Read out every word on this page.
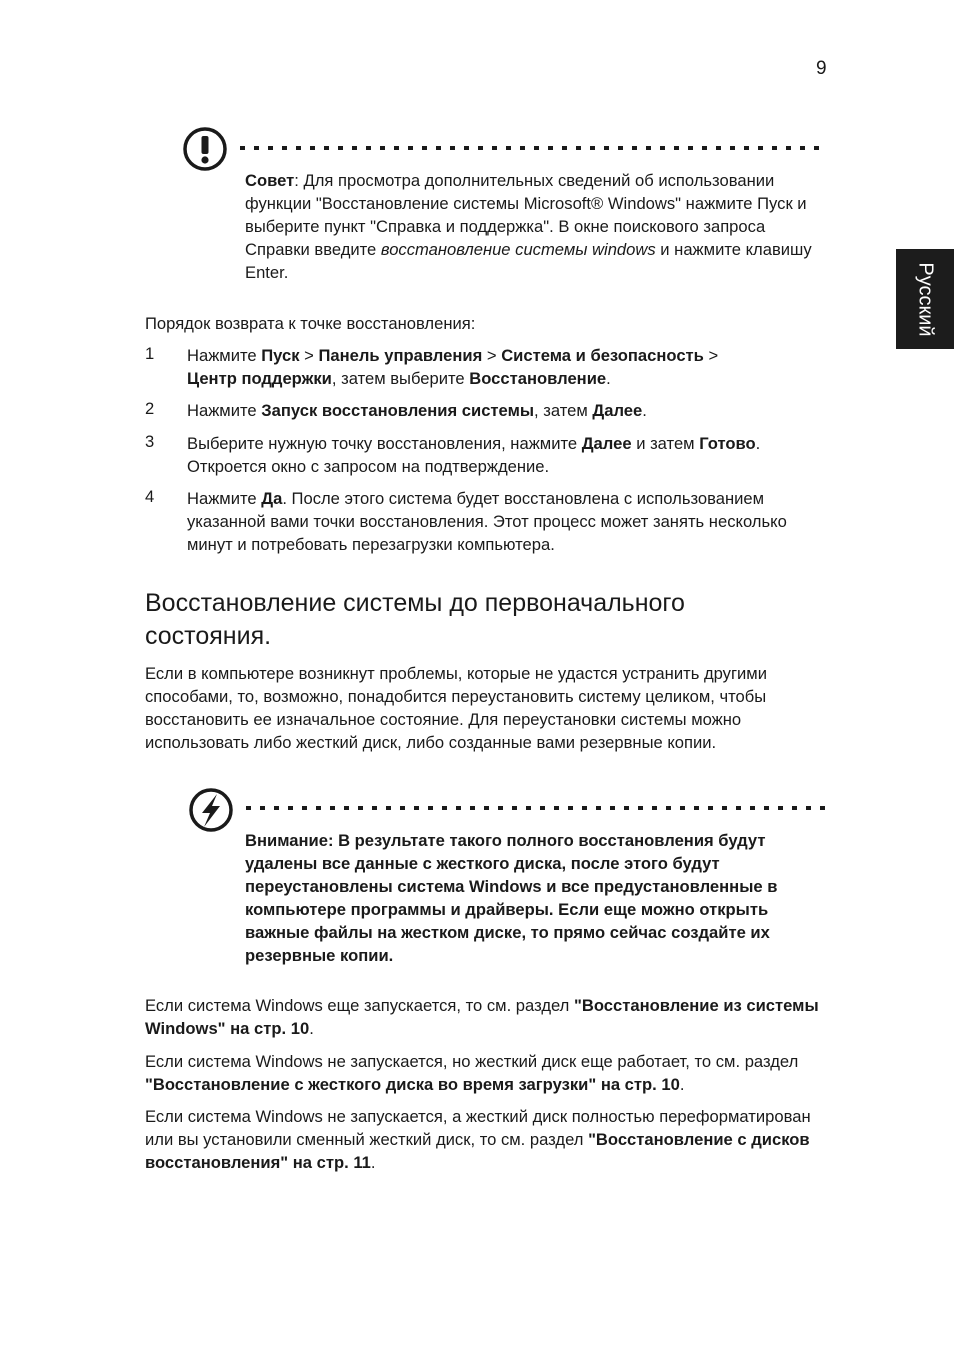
9
Русский
Совет: Для просмотра дополнительных сведений об использовании функции "Восстановление системы Microsoft® Windows" нажмите Пуск и выберите пункт "Справка и поддержка". В окне поискового запроса Справки введите восстановление системы windows и нажмите клавишу Enter.

Порядок возврата к точке восстановления:

1 Нажмите Пуск > Панель управления > Система и безопасность >
Центр поддержки, затем выберите Восстановление.

2 Нажмите Запуск восстановления системы, затем Далее.

3 Выберите нужную точку восстановления, нажмите Далее и затем Готово. Откроется окно с запросом на подтверждение.

4 Нажмите Да. После этого система будет восстановлена с использованием указанной вами точки восстановления. Этот процесс может занять несколько минут и потребовать перезагрузки компьютера.

Восстановление системы до первоначального состояния.

Если в компьютере возникнут проблемы, которые не удастся устранить другими способами, то, возможно, понадобится переустановить систему целиком, чтобы восстановить ее изначальное состояние. Для переустановки системы можно использовать либо жесткий диск, либо созданные вами резервные копии.

Внимание: В результате такого полного восстановления будут удалены все данные с жесткого диска, после этого будут переустановлены система Windows и все предустановленные в компьютере программы и драйверы. Если еще можно открыть важные файлы на жестком диске, то прямо сейчас создайте их резервные копии.

Если система Windows еще запускается, то см. раздел "Восстановление из системы Windows" на стр. 10.

Если система Windows не запускается, но жесткий диск еще работает, то см. раздел "Восстановление с жесткого диска во время загрузки" на стр. 10.

Если система Windows не запускается, а жесткий диск полностью переформатирован или вы установили сменный жесткий диск, то см. раздел "Восстановление с дисков восстановления" на стр. 11.
